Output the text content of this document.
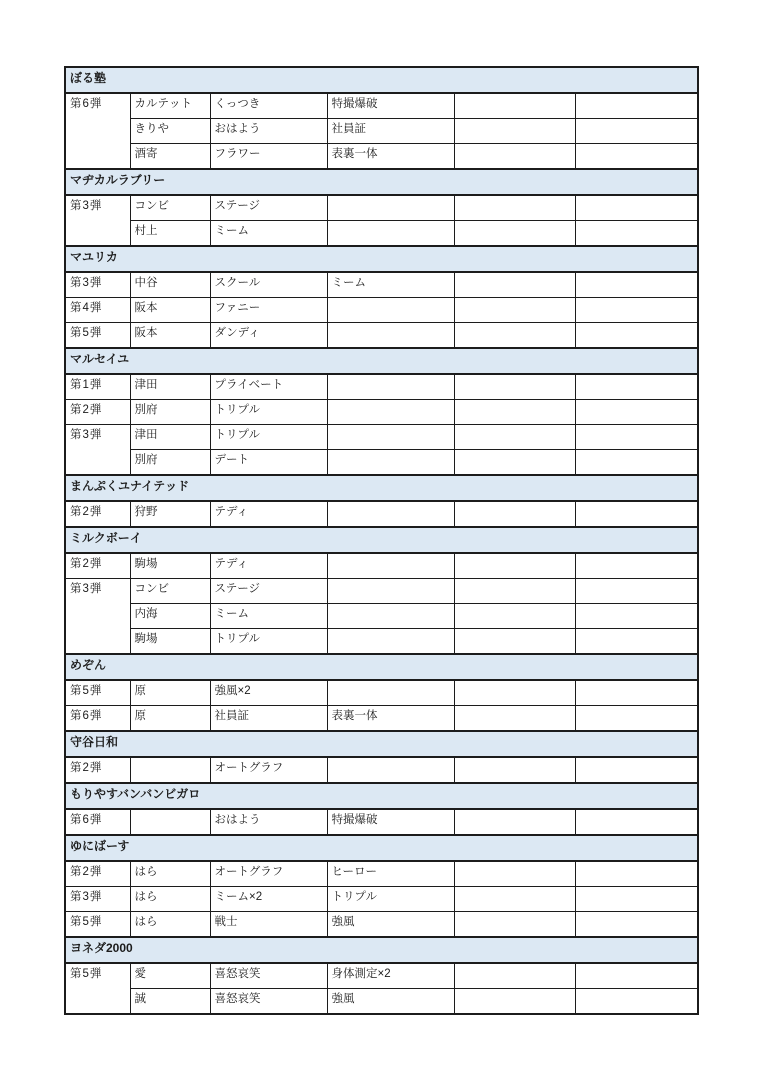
ぼる塾					
第6弾	カルテット	くっつき	特撮爆破		
	きりや	おはよう	社員証		
	酒寄	フラワー	表裏一体		
マヂカルラブリー					
第3弾	コンビ	ステージ			
	村上	ミーム			
マユリカ					
第3弾	中谷	スクール	ミーム		
第4弾	阪本	ファニー			
第5弾	阪本	ダンディ			
マルセイユ					
第1弾	津田	プライベート			
第2弾	別府	トリプル			
第3弾	津田	トリプル			
	別府	デート			
まんぷくユナイテッド					
第2弾	狩野	テディ			
ミルクボーイ					
第2弾	駒場	テディ			
第3弾	コンビ	ステージ			
	内海	ミーム			
	駒場	トリプル			
めぞん					
第5弾	原	強風×2			
第6弾	原	社員証	表裏一体		
守谷日和					
第2弾		オートグラフ			
もりやすバンバンビガロ					
第6弾		おはよう	特撮爆破		
ゆにばーす					
第2弾	はら	オートグラフ	ヒーロー		
第3弾	はら	ミーム×2	トリプル		
第5弾	はら	戦士	強風		
ヨネダ2000					
第5弾	愛	喜怒哀笑	身体測定×2		
	誠	喜怒哀笑	強風		
